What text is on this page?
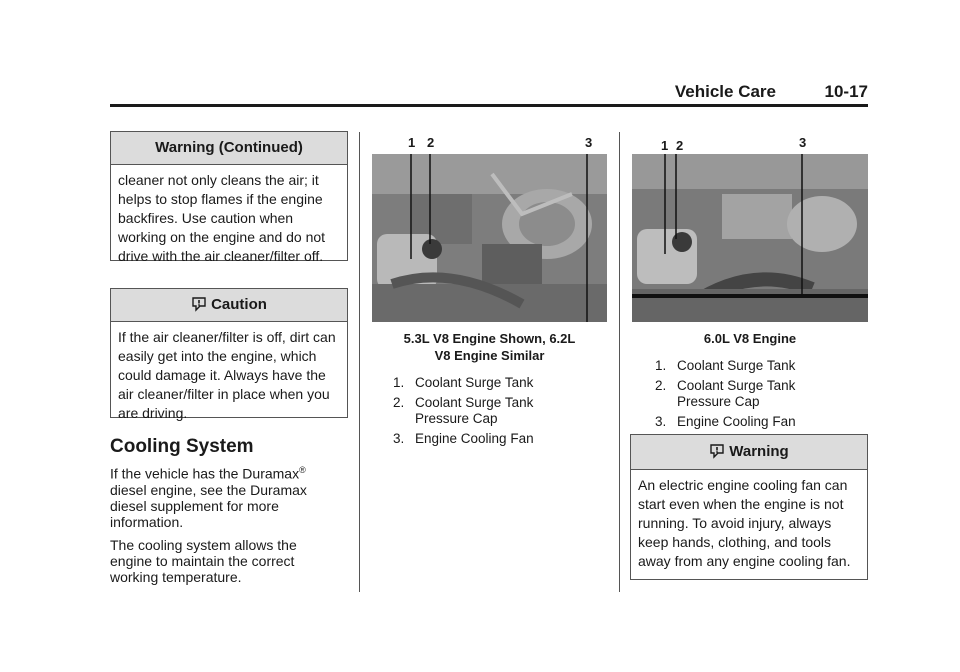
Vehicle Care	10-17
Warning (Continued)
cleaner not only cleans the air; it helps to stop flames if the engine backfires. Use caution when working on the engine and do not drive with the air cleaner/filter off.
Caution
If the air cleaner/filter is off, dirt can easily get into the engine, which could damage it. Always have the air cleaner/filter in place when you are driving.
Cooling System
If the vehicle has the Duramax® diesel engine, see the Duramax diesel supplement for more information.
The cooling system allows the engine to maintain the correct working temperature.
1 2	3
5.3L V8 Engine Shown, 6.2L
V8 Engine Similar
1. Coolant Surge Tank
2. Coolant Surge Tank
Pressure Cap
3. Engine Cooling Fan
1 2	3
6.0L V8 Engine
1. Coolant Surge Tank
2. Coolant Surge Tank
Pressure Cap
3. Engine Cooling Fan
Warning
An electric engine cooling fan can start even when the engine is not running. To avoid injury, always keep hands, clothing, and tools away from any engine cooling fan.
